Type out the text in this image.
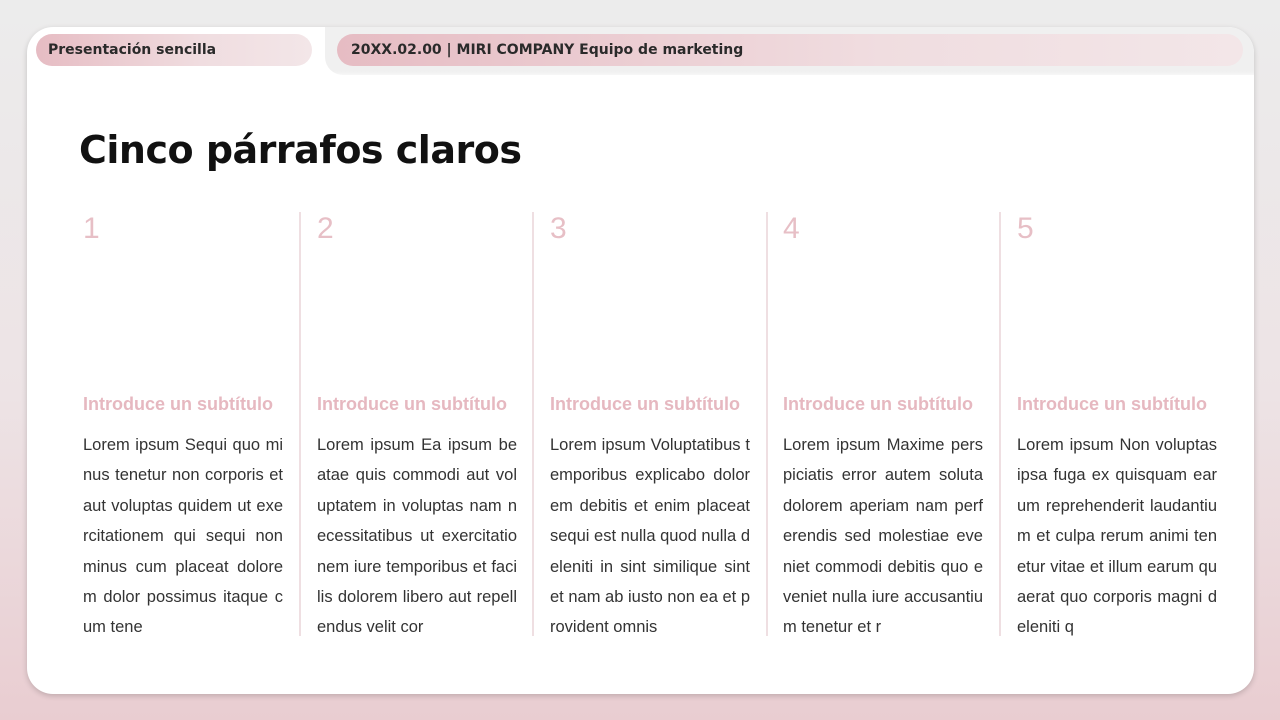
Presentación sencilla	20XX.02.00 | MIRI COMPANY Equipo de marketing
Cinco párrafos claros
1
Introduce un subtítulo
Lorem ipsum Sequi quo minus tenetur non corporis et aut voluptas quidem ut exercitationem qui sequi non minus cum placeat dolorem dolor possimus itaque cum tene
2
Introduce un subtítulo
Lorem ipsum Ea ipsum beatae quis commodi aut voluptatem in voluptas nam necessitatibus ut exercitationem iure temporibus et facilis dolorem libero aut repellendus velit cor
3
Introduce un subtítulo
Lorem ipsum Voluptatibus temporibus explicabo dolorem debitis et enim placeat sequi est nulla quod nulla deleniti in sint similique sint et nam ab iusto non ea et provident omnis
4
Introduce un subtítulo
Lorem ipsum Maxime perspiciatis error autem soluta dolorem aperiam nam perferendis sed molestiae eveniet commodi debitis quo eveniet nulla iure accusantium tenetur et r
5
Introduce un subtítulo
Lorem ipsum Non voluptas ipsa fuga ex quisquam earum reprehenderit laudantium et culpa rerum animi tenetur vitae et illum earum quaerat quo corporis magni deleniti q
